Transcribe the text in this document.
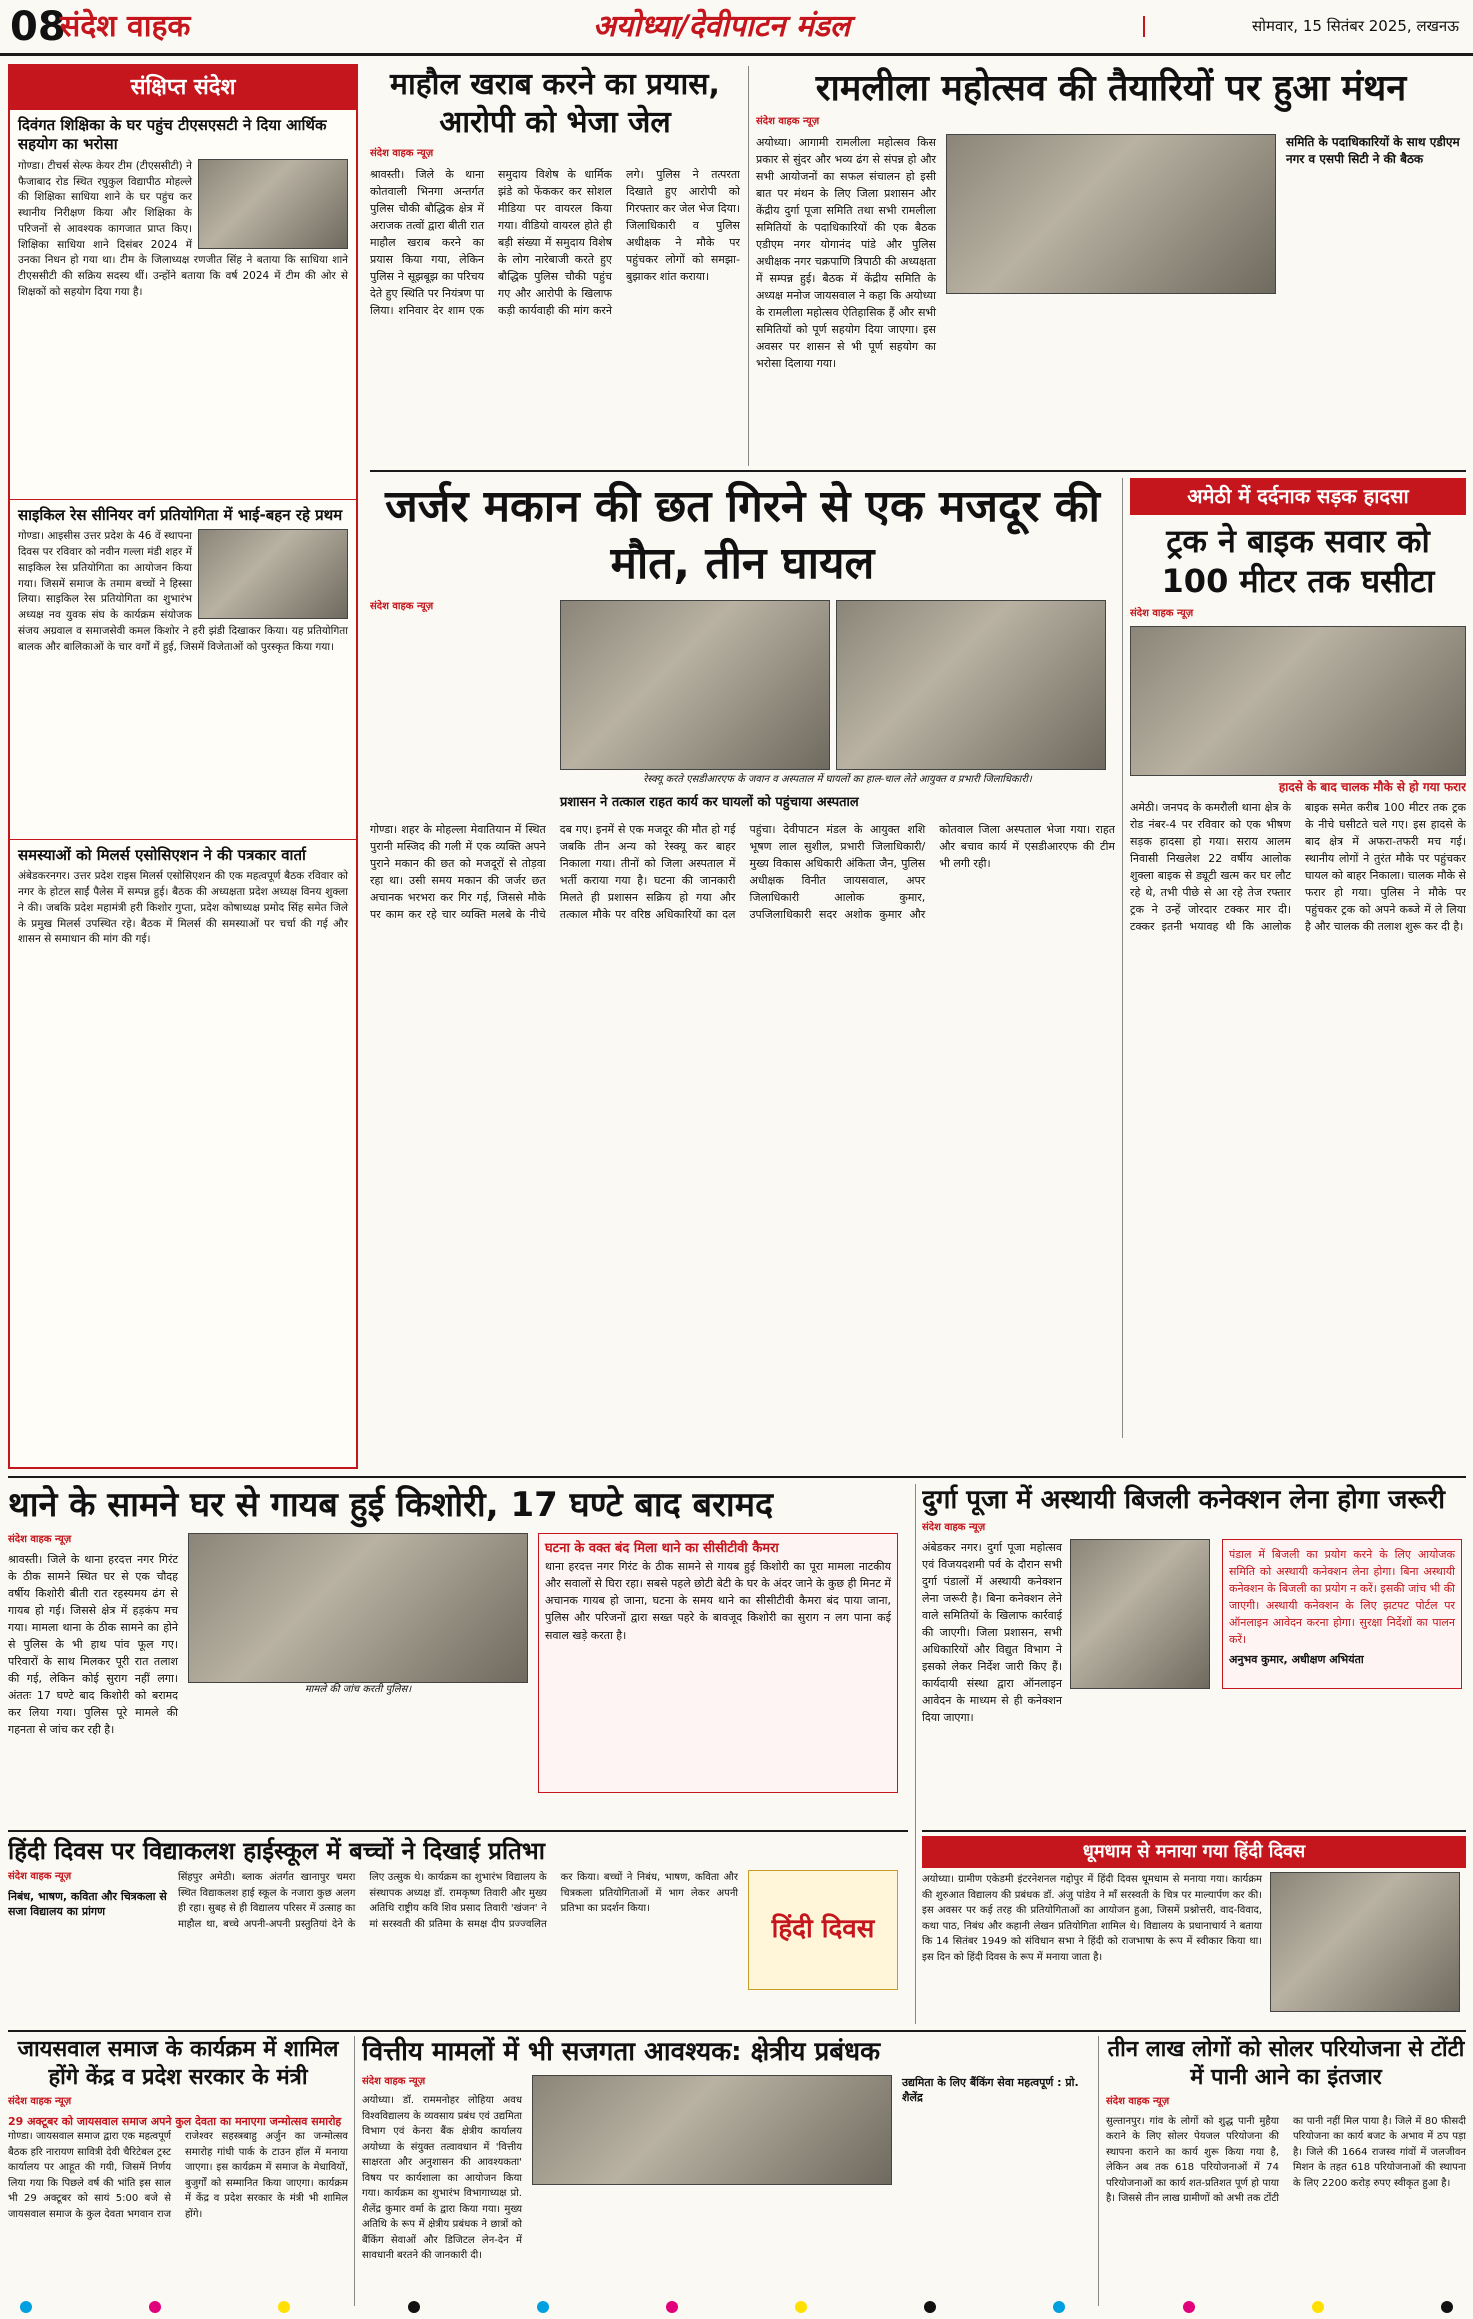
08
संदेश वाहक	अयोध्या/देवीपाटन मंडल	सोमवार, 15 सितंबर 2025, लखनऊ
संक्षिप्त संदेश
दिवंगत शिक्षिका के घर पहुंच टीएसएसटी ने दिया आर्थिक सहयोग का भरोसा

गोण्डा। टीचर्स सेल्फ केयर टीम (टीएससीटी) ने फैजाबाद रोड स्थित रघुकुल विद्यापीठ मोहल्ले की शिक्षिका साधिया शाने के घर पहुंच कर स्थानीय निरीक्षण किया और शिक्षिका के परिजनों से आवश्यक कागजात प्राप्त किए। शिक्षिका साधिया शाने दिसंबर 2024 में उनका निधन हो गया था। टीम के जिलाध्यक्ष रणजीत सिंह ने बताया कि साधिया शाने टीएससीटी की सक्रिय सदस्य थीं। उन्होंने बताया कि वर्ष 2024 में टीम की ओर से शिक्षकों को सहयोग दिया गया है।

साइकिल रेस सीनियर वर्ग प्रतियोगिता में भाई-बहन रहे प्रथम

गोण्डा। आइसीस उत्तर प्रदेश के 46 वें स्थापना दिवस पर रविवार को नवीन गल्ला मंडी शहर में साइकिल रेस प्रतियोगिता का आयोजन किया गया। जिसमें समाज के तमाम बच्चों ने हिस्सा लिया। साइकिल रेस प्रतियोगिता का शुभारंभ अध्यक्ष नव युवक संघ के कार्यक्रम संयोजक संजय अग्रवाल व समाजसेवी कमल किशोर ने हरी झंडी दिखाकर किया। यह प्रतियोगिता बालक और बालिकाओं के चार वर्गों में हुई, जिसमें विजेताओं को पुरस्कृत किया गया।

समस्याओं को मिलर्स एसोसिएशन ने की पत्रकार वार्ता

अंबेडकरनगर। उत्तर प्रदेश राइस मिलर्स एसोसिएशन की एक महत्वपूर्ण बैठक रविवार को नगर के होटल साईं पैलेस में सम्पन्न हुई। बैठक की अध्यक्षता प्रदेश अध्यक्ष विनय शुक्ला ने की। जबकि प्रदेश महामंत्री हरी किशोर गुप्ता, प्रदेश कोषाध्यक्ष प्रमोद सिंह समेत जिले के प्रमुख मिलर्स उपस्थित रहे। बैठक में मिलर्स की समस्याओं पर चर्चा की गई और शासन से समाधान की मांग की गई।

माहौल खराब करने का प्रयास, आरोपी को भेजा जेल
संदेश वाहक न्यूज़
श्रावस्ती। जिले के थाना कोतवाली भिनगा अन्तर्गत पुलिस चौकी बौद्धिक क्षेत्र में अराजक तत्वों द्वारा बीती रात माहौल खराब करने का प्रयास किया गया, लेकिन पुलिस ने सूझबूझ का परिचय देते हुए स्थिति पर नियंत्रण पा लिया। शनिवार देर शाम एक समुदाय विशेष के धार्मिक झंडे को फेंककर कर सोशल मीडिया पर वायरल किया गया। वीडियो वायरल होते ही बड़ी संख्या में समुदाय विशेष के लोग नारेबाजी करते हुए बौद्धिक पुलिस चौकी पहुंच गए और आरोपी के खिलाफ कड़ी कार्यवाही की मांग करने लगे। पुलिस ने तत्परता दिखाते हुए आरोपी को गिरफ्तार कर जेल भेज दिया। जिलाधिकारी व पुलिस अधीक्षक ने मौके पर पहुंचकर लोगों को समझा-बुझाकर शांत कराया।
रामलीला महोत्सव की तैयारियों पर हुआ मंथन
संदेश वाहक न्यूज़
अयोध्या। आगामी रामलीला महोत्सव किस प्रकार से सुंदर और भव्य ढंग से संपन्न हो और सभी आयोजनों का सफल संचालन हो इसी बात पर मंथन के लिए जिला प्रशासन और केंद्रीय दुर्गा पूजा समिति तथा सभी रामलीला समितियों के पदाधिकारियों की एक बैठक एडीएम नगर योगानंद पांडे और पुलिस अधीक्षक नगर चक्रपाणि त्रिपाठी की अध्यक्षता में सम्पन्न हुई। बैठक में केंद्रीय समिति के अध्यक्ष मनोज जायसवाल ने कहा कि अयोध्या के रामलीला महोत्सव ऐतिहासिक हैं और सभी समितियों को पूर्ण सहयोग दिया जाएगा। इस अवसर पर शासन से भी पूर्ण सहयोग का भरोसा दिलाया गया।
समिति के पदाधिकारियों के साथ एडीएम नगर व एसपी सिटी ने की बैठक
जर्जर मकान की छत गिरने से एक मजदूर की मौत, तीन घायल
संदेश वाहक न्यूज़
रेस्क्यू करते एसडीआरएफ के जवान व अस्पताल में घायलों का हाल-चाल लेते आयुक्त व प्रभारी जिलाधिकारी।
प्रशासन ने तत्काल राहत कार्य कर घायलों को पहुंचाया अस्पताल
गोण्डा। शहर के मोहल्ला मेवातियान में स्थित पुरानी मस्जिद की गली में एक व्यक्ति अपने पुराने मकान की छत को मजदूरों से तोड़वा रहा था। उसी समय मकान की जर्जर छत अचानक भरभरा कर गिर गई, जिससे मौके पर काम कर रहे चार व्यक्ति मलबे के नीचे दब गए। इनमें से एक मजदूर की मौत हो गई जबकि तीन अन्य को रेस्क्यू कर बाहर निकाला गया। तीनों को जिला अस्पताल में भर्ती कराया गया है। घटना की जानकारी मिलते ही प्रशासन सक्रिय हो गया और तत्काल मौके पर वरिष्ठ अधिकारियों का दल पहुंचा। देवीपाटन मंडल के आयुक्त शशि भूषण लाल सुशील, प्रभारी जिलाधिकारी/मुख्य विकास अधिकारी अंकिता जैन, पुलिस अधीक्षक विनीत जायसवाल, अपर जिलाधिकारी आलोक कुमार, उपजिलाधिकारी सदर अशोक कुमार और कोतवाल जिला अस्पताल भेजा गया। राहत और बचाव कार्य में एसडीआरएफ की टीम भी लगी रही।
अमेठी में दर्दनाक सड़क हादसा
ट्रक ने बाइक सवार को 100 मीटर तक घसीटा
संदेश वाहक न्यूज़
हादसे के बाद चालक मौके से हो गया फरार
अमेठी। जनपद के कमरौली थाना क्षेत्र के रोड नंबर-4 पर रविवार को एक भीषण सड़क हादसा हो गया। सराय आलम निवासी निखलेश 22 वर्षीय आलोक शुक्ला बाइक से ड्यूटी खत्म कर घर लौट रहे थे, तभी पीछे से आ रहे तेज रफ्तार ट्रक ने उन्हें जोरदार टक्कर मार दी। टक्कर इतनी भयावह थी कि आलोक बाइक समेत करीब 100 मीटर तक ट्रक के नीचे घसीटते चले गए। इस हादसे के बाद क्षेत्र में अफरा-तफरी मच गई। स्थानीय लोगों ने तुरंत मौके पर पहुंचकर घायल को बाहर निकाला। चालक मौके से फरार हो गया। पुलिस ने मौके पर पहुंचकर ट्रक को अपने कब्जे में ले लिया है और चालक की तलाश शुरू कर दी है।
थाने के सामने घर से गायब हुई किशोरी, 17 घण्टे बाद बरामद
संदेश वाहक न्यूज़
श्रावस्ती। जिले के थाना हरदत्त नगर गिरंट के ठीक सामने स्थित घर से एक चौदह वर्षीय किशोरी बीती रात रहस्यमय ढंग से गायब हो गई। जिससे क्षेत्र में हड़कंप मच गया। मामला थाना के ठीक सामने का होने से पुलिस के भी हाथ पांव फूल गए। परिवारों के साथ मिलकर पूरी रात तलाश की गई, लेकिन कोई सुराग नहीं लगा। अंततः 17 घण्टे बाद किशोरी को बरामद कर लिया गया। पुलिस पूरे मामले की गहनता से जांच कर रही है।
मामले की जांच करती पुलिस।
घटना के वक्त बंद मिला थाने का सीसीटीवी कैमरा
थाना हरदत्त नगर गिरंट के ठीक सामने से गायब हुई किशोरी का पूरा मामला नाटकीय और सवालों से घिरा रहा। सबसे पहले छोटी बेटी के घर के अंदर जाने के कुछ ही मिनट में अचानक गायब हो जाना, घटना के समय थाने का सीसीटीवी कैमरा बंद पाया जाना, पुलिस और परिजनों द्वारा सख्त पहरे के बावजूद किशोरी का सुराग न लग पाना कई सवाल खड़े करता है।
दुर्गा पूजा में अस्थायी बिजली कनेक्शन लेना होगा जरूरी
संदेश वाहक न्यूज़
अंबेडकर नगर। दुर्गा पूजा महोत्सव एवं विजयदशमी पर्व के दौरान सभी दुर्गा पंडालों में अस्थायी कनेक्शन लेना जरूरी है। बिना कनेक्शन लेने वाले समितियों के खिलाफ कार्रवाई की जाएगी। जिला प्रशासन, सभी अधिकारियों और विद्युत विभाग ने इसको लेकर निर्देश जारी किए हैं। कार्यदायी संस्था द्वारा ऑनलाइन आवेदन के माध्यम से ही कनेक्शन दिया जाएगा।
पंडाल में बिजली का प्रयोग करने के लिए आयोजक समिति को अस्थायी कनेक्शन लेना होगा। बिना अस्थायी कनेक्शन के बिजली का प्रयोग न करें। इसकी जांच भी की जाएगी। अस्थायी कनेक्शन के लिए झटपट पोर्टल पर ऑनलाइन आवेदन करना होगा। सुरक्षा निर्देशों का पालन करें।
अनुभव कुमार, अधीक्षण अभियंता
जायसवाल समाज के कार्यक्रम में शामिल होंगे केंद्र व प्रदेश सरकार के मंत्री
संदेश वाहक न्यूज़
29 अक्टूबर को जायसवाल समाज अपने कुल देवता का मनाएगा जन्मोत्सव समारोह
गोण्डा। जायसवाल समाज द्वारा एक महत्वपूर्ण बैठक हरि नारायण सावित्री देवी चैरिटेबल ट्रस्ट कार्यालय पर आहूत की गयी, जिसमें निर्णय लिया गया कि पिछले वर्ष की भांति इस साल भी 29 अक्टूबर को सायं 5:00 बजे से जायसवाल समाज के कुल देवता भगवान राज राजेश्वर सहस्त्रबाहु अर्जुन का जन्मोत्सव समारोह गांधी पार्क के टाउन हॉल में मनाया जाएगा। इस कार्यक्रम में समाज के मेधावियों, बुजुर्गों को सम्मानित किया जाएगा। कार्यक्रम में केंद्र व प्रदेश सरकार के मंत्री भी शामिल होंगे।
वित्तीय मामलों में भी सजगता आवश्यक: क्षेत्रीय प्रबंधक
संदेश वाहक न्यूज़
अयोध्या। डॉ. राममनोहर लोहिया अवध विश्वविद्यालय के व्यवसाय प्रबंध एवं उद्यमिता विभाग एवं केनरा बैंक क्षेत्रीय कार्यालय अयोध्या के संयुक्त तत्वावधान में 'वित्तीय साक्षरता और अनुशासन की आवश्यकता' विषय पर कार्यशाला का आयोजन किया गया। कार्यक्रम का शुभारंभ विभागाध्यक्ष प्रो. शैलेंद्र कुमार वर्मा के द्वारा किया गया। मुख्य अतिथि के रूप में क्षेत्रीय प्रबंधक ने छात्रों को बैंकिंग सेवाओं और डिजिटल लेन-देन में सावधानी बरतने की जानकारी दी।
उद्यमिता के लिए बैंकिंग सेवा महत्वपूर्ण : प्रो. शैलेंद्र
तीन लाख लोगों को सोलर परियोजना से टोंटी में पानी आने का इंतजार
संदेश वाहक न्यूज़
सुल्तानपुर। गांव के लोगों को शुद्ध पानी मुहैया कराने के लिए सोलर पेयजल परियोजना की स्थापना कराने का कार्य शुरू किया गया है, लेकिन अब तक 618 परियोजनाओं में 74 परियोजनाओं का कार्य शत-प्रतिशत पूर्ण हो पाया है। जिससे तीन लाख ग्रामीणों को अभी तक टोंटी का पानी नहीं मिल पाया है। जिले में 80 फीसदी परियोजना का कार्य बजट के अभाव में ठप पड़ा है। जिले की 1664 राजस्व गांवों में जलजीवन मिशन के तहत 618 परियोजनाओं की स्थापना के लिए 2200 करोड़ रुपए स्वीकृत हुआ है।
हिंदी दिवस पर विद्याकलश हाईस्कूल में बच्चों ने दिखाई प्रतिभा
संदेश वाहक न्यूज़
निबंध, भाषण, कविता और चित्रकला से सजा विद्यालय का प्रांगण
सिंहपुर अमेठी। ब्लाक अंतर्गत खानापुर चमरा स्थित विद्याकलश हाई स्कूल के नजारा कुछ अलग ही रहा। सुबह से ही विद्यालय परिसर में उत्साह का माहौल था, बच्चे अपनी-अपनी प्रस्तुतियां देने के लिए उत्सुक थे। कार्यक्रम का शुभारंभ विद्यालय के संस्थापक अध्यक्ष डॉ. रामकृष्ण तिवारी और मुख्य अतिथि राष्ट्रीय कवि शिव प्रसाद तिवारी 'खंजन' ने मां सरस्वती की प्रतिमा के समक्ष दीप प्रज्ज्वलित कर किया। बच्चों ने निबंध, भाषण, कविता और चित्रकला प्रतियोगिताओं में भाग लेकर अपनी प्रतिभा का प्रदर्शन किया।
हिंदी दिवस
धूमधाम से मनाया गया हिंदी दिवस
अयोध्या। ग्रामीण एकेडमी इंटरनेशनल गद्दोपुर में हिंदी दिवस धूमधाम से मनाया गया। कार्यक्रम की शुरुआत विद्यालय की प्रबंधक डॉ. अंजु पांडेय ने माँ सरस्वती के चित्र पर माल्यार्पण कर की। इस अवसर पर कई तरह की प्रतियोगिताओं का आयोजन हुआ, जिसमें प्रश्नोत्तरी, वाद-विवाद, कथा पाठ, निबंध और कहानी लेखन प्रतियोगिता शामिल थे। विद्यालय के प्रधानाचार्य ने बताया कि 14 सितंबर 1949 को संविधान सभा ने हिंदी को राजभाषा के रूप में स्वीकार किया था। इस दिन को हिंदी दिवस के रूप में मनाया जाता है।
